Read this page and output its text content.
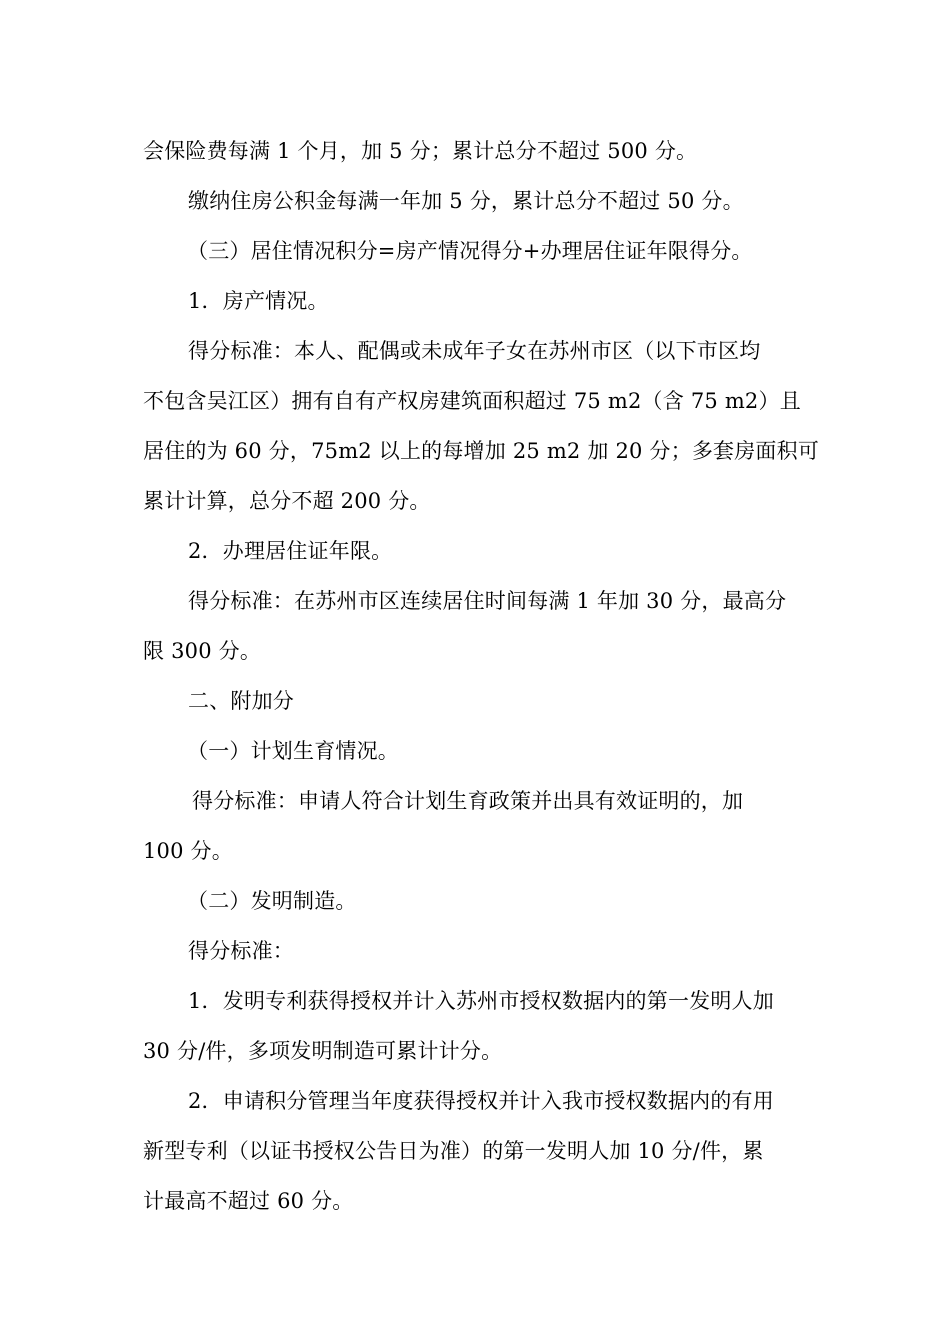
会保险费每满 1 个月，加 5 分；累计总分不超过 500 分。
缴纳住房公积金每满一年加 5 分，累计总分不超过 50 分。
（三）居住情况积分=房产情况得分+办理居住证年限得分。
1．房产情况。
得分标准：本人、配偶或未成年子女在苏州市区（以下市区均
不包含吴江区）拥有自有产权房建筑面积超过 75 m2（含 75 m2）且
居住的为 60 分，75m2 以上的每增加 25 m2 加 20 分；多套房面积可
累计计算，总分不超 200 分。
2．办理居住证年限。
得分标准：在苏州市区连续居住时间每满 1 年加 30 分，最高分
限 300 分。
二、附加分
（一）计划生育情况。
得分标准：申请人符合计划生育政策并出具有效证明的，加
100 分。
（二）发明制造。
得分标准：
1．发明专利获得授权并计入苏州市授权数据内的第一发明人加
30 分/件，多项发明制造可累计计分。
2．申请积分管理当年度获得授权并计入我市授权数据内的有用
新型专利（以证书授权公告日为准）的第一发明人加 10 分/件，累
计最高不超过 60 分。
